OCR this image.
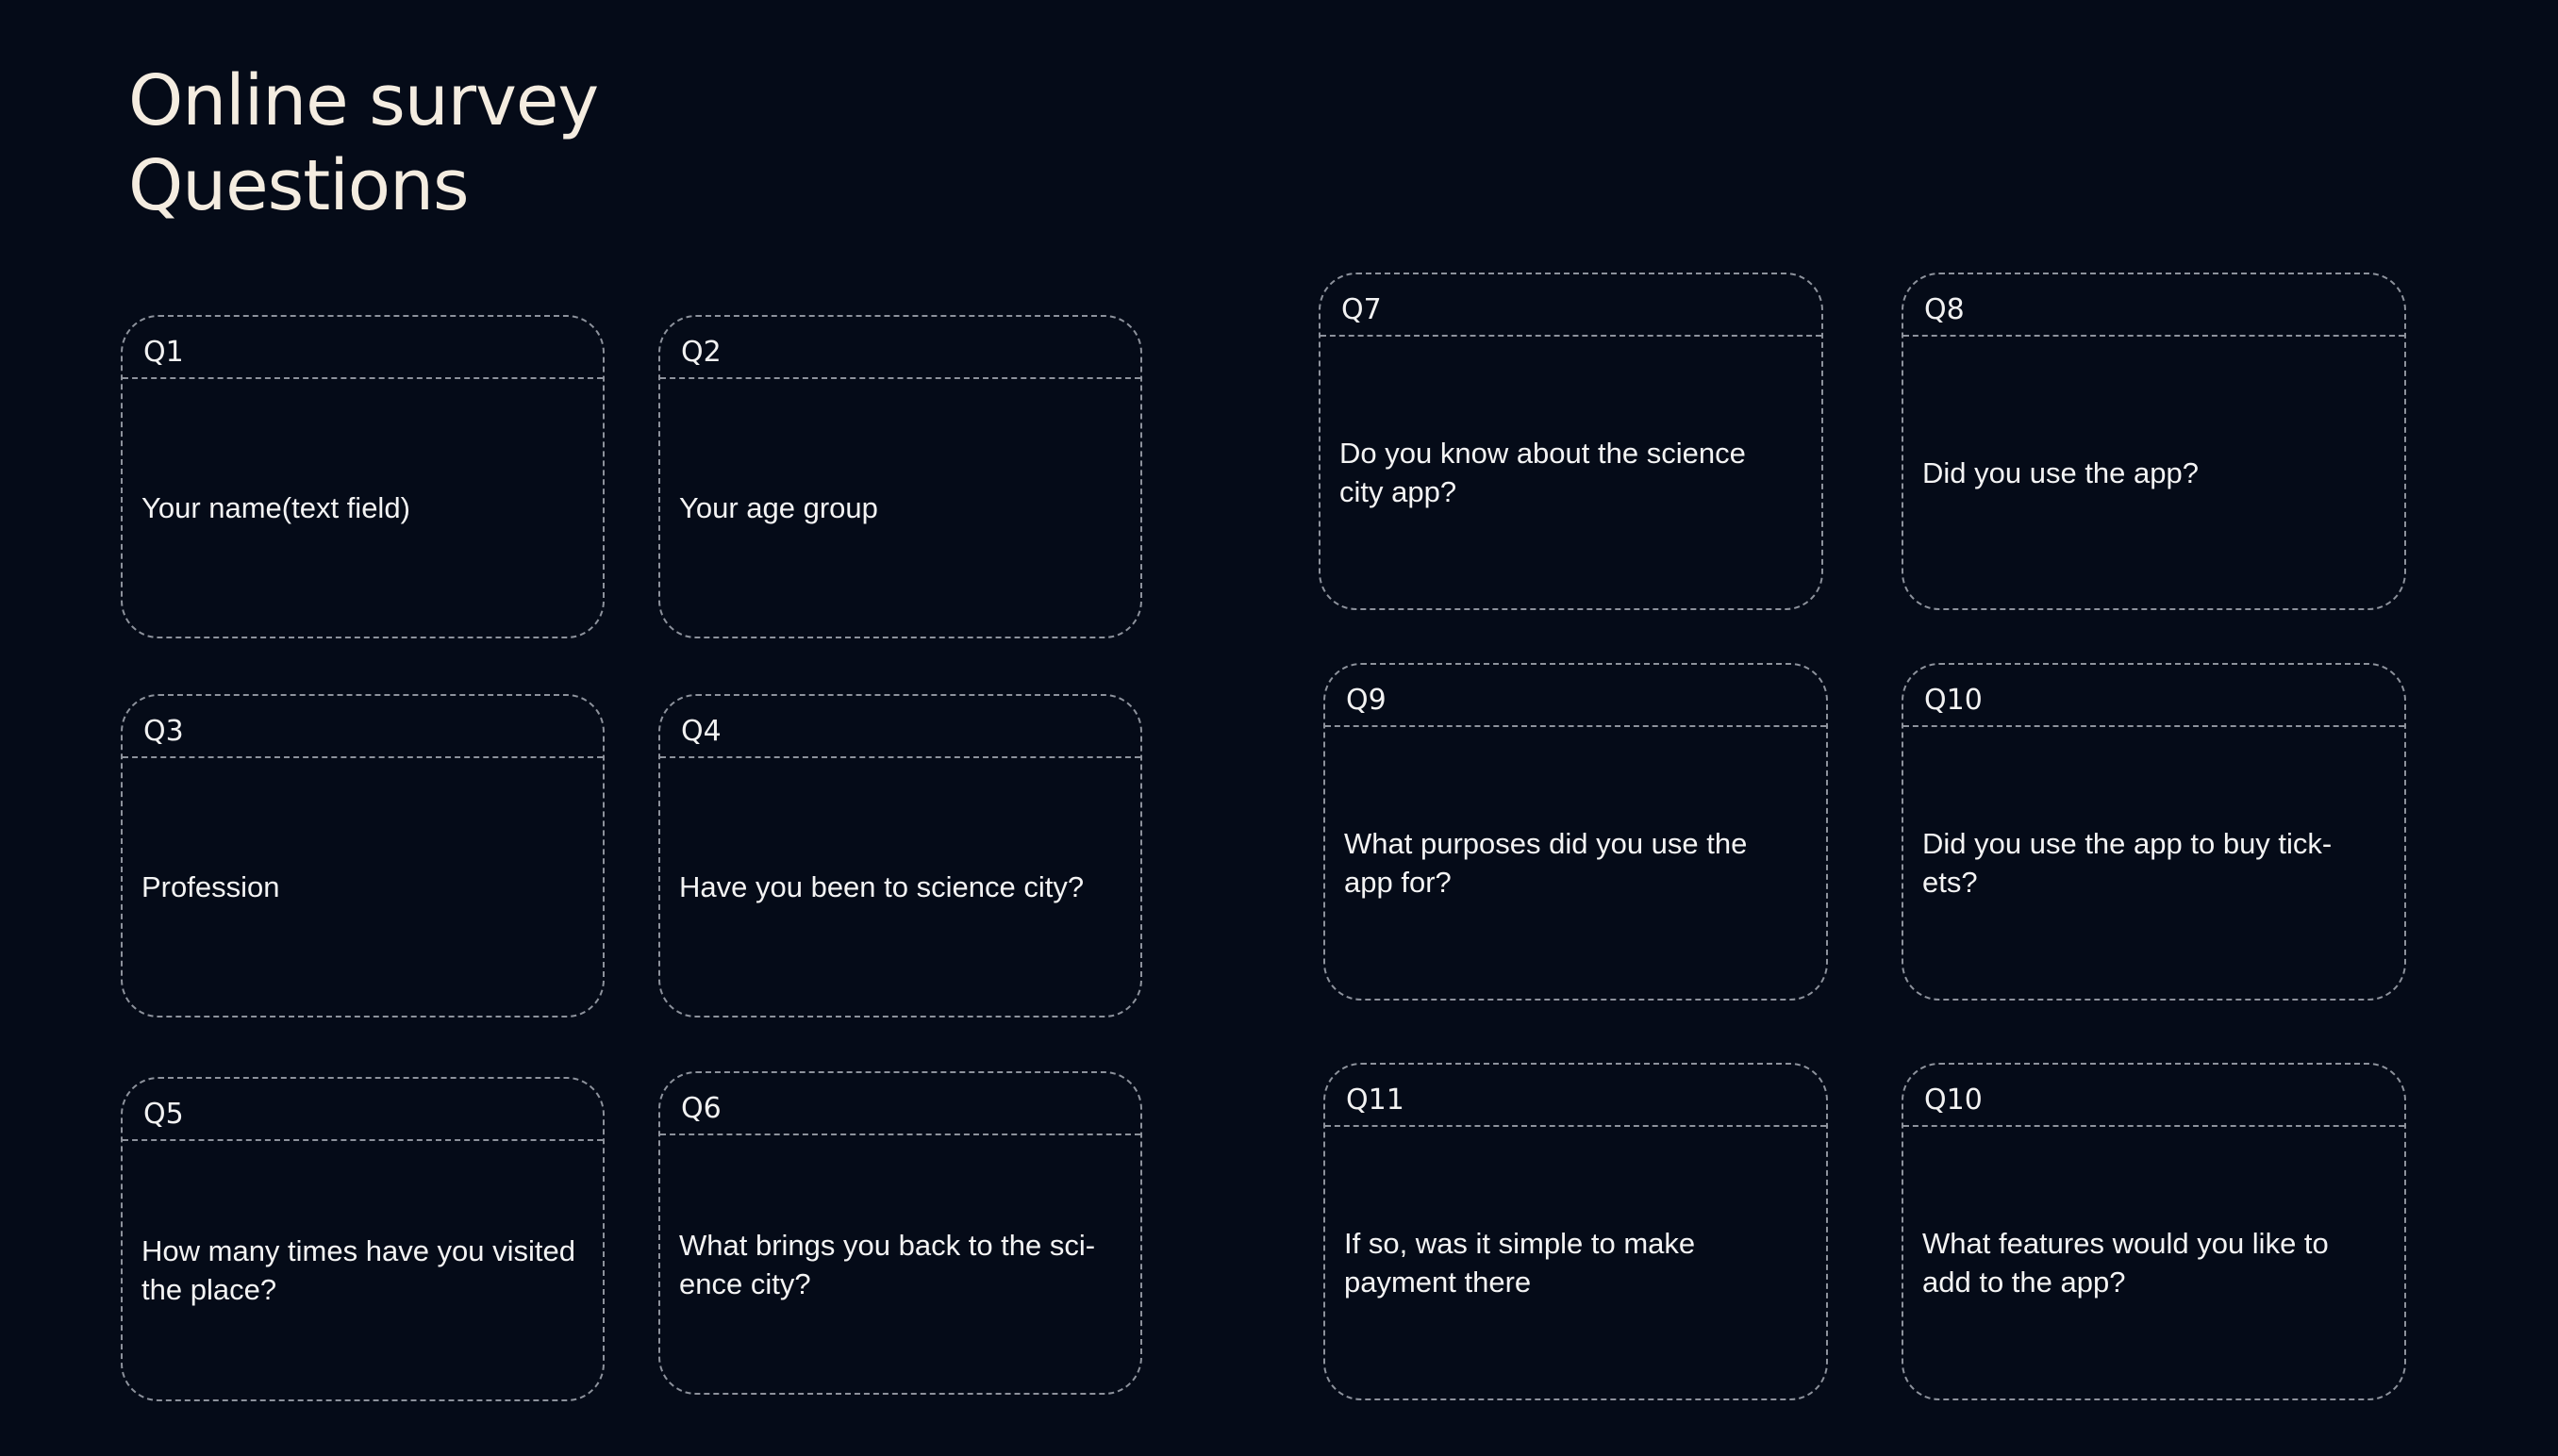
Online survey
Questions
Q1
Your name(text field)
Q3
Profession
Q5
How many times have you visited the place?
Q2
Your age group
Q4
Have you been to science city?
Q6
What brings you back to the sci-ence city?
Q7
Do you know about the science city app?
Q9
What purposes did you use the app for?
Q11
If so, was it simple to make payment there
Q8
Did you use the app?
Q10
Did you use the app to buy tick-ets?
Q10
What features would you like to add to the app?
